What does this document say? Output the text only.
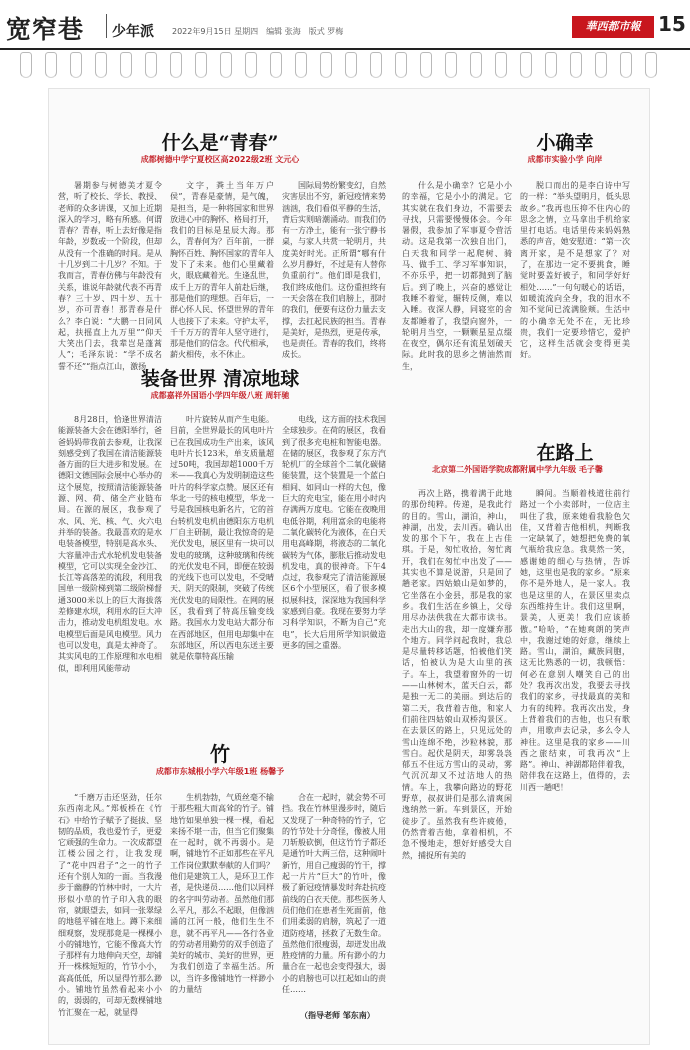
宽窄巷 少年派 2022年9月15日 星期四　编辑 张海　版式 罗梅	華西都市報 15
什么是“青春”
成都树德中学宁夏校区高2022级2班 文元心

暑期参与树德美才夏令营，听了校长、学长、教授、老师的众多讲课，又加上近期深入的学习，略有所感。何谓青春？青春，听上去好像是指年龄，岁数或一个阶段，但却从没有一个准确的时间。是从十几岁到二十几岁？不知。于我而言，青春仿佛与年龄没有关系，谁说年龄就代表不再青春？三十岁、四十岁、五十岁，亦可青春！那青春是什么？李白说：“大鹏一日同风起，扶摇直上九万里”“仰天大笑出门去，我辈岂是蓬蒿人”；毛泽东说：“学不成名誓不还”“指点江山，激扬

文字，粪土当年万户侯”，青春是豪情，是气魄，是担当，是一种将国家和世界放进心中的胸怀、格局打开，我们的目标是星辰大海。那么，青春何为？百年前，一群胸怀百姓、胸怀国家的青年人发下了未来。他们心里藏着火，眼底藏着光。生逢乱世，成千上万的青年人前赴后继，那是他们的理想。百年后，一群心怀人民、怀望世界的青年人也接下了未来。守护太平，千千万万的青年人坚守进行，那是他们的信念。代代相承，薪火相传，永不休止。

国际局势纷繁变幻，自然灾害层出不穷，新冠疫情来势汹汹，我们看似平静的生活，背后实则暗潮涌动。而我们仍有一方净土，能有一张宁静书桌，与家人共赏一轮明月，共度美好时光。正所谓“哪有什么岁月静好，不过是有人替你负重前行”。他们即是我们，我们终成他们。这份重担终有一天会落在我们肩膀上，那时的我们，便要有这份力量去支撑，去扛起民族的担当。青春是美好，是热烈，更是传承，也是责任。青春的我们，终将成长。

小确幸
成都市实验小学 向岸

什么是小确幸？它是小小的幸福，它是小小的满足。它其实就在我们身边，不需要去寻找，只需要慢慢体会。今年暑假，我参加了军事夏令营活动。这是我第一次独自出门，白天我和同学一起爬树、骑马、做手工、学习军事知识，不亦乐乎，把一切都抛到了脑后。到了晚上，兴奋的感觉让我睡不着觉，辗转反侧，难以入睡。夜深人静，同寝室的舍友都睡着了，我望向窗外，一轮明月当空，一颗颗星星点缀在夜空，偶尔还有流星划破天际。此时我的思乡之情油然而生，

脱口而出的是李白诗中写的一样：“举头望明月，低头思故乡。”我再也压抑不住内心的思念之情，立马拿出手机给家里打电话。电话里传来妈妈熟悉的声音，她安慰道：“第一次离开家，是不是想家了？对了，在那边一定不要挑食，睡觉时要盖好被子，和同学好好相处……”一句句暖心的话语，如暖流流向全身，我的泪水不知不觉间已流满脸颊。生活中的小确幸无处不在，无比珍贵，我们一定要珍惜它，爱护它，这样生活就会变得更美好。

装备世界 清凉地球
成都嘉祥外国语小学四年级八班 周轩驰

8月28日，恰逢世界清洁能源装备大会在德阳举行，爸爸妈妈带我前去参观，让我深刻感受到了我国在清洁能源装备方面的巨大进步和发展。在德阳文德国际会展中心举办的这个展览，按照清洁能源装备源、网、荷、储全产业链布局。在源的展区，我参观了水、风、光、核、气、火六电并举的装备。我最喜欢的是水电装备模型，特别是高水头、大容量冲击式水轮机发电装备模型，它可以实现全金沙江、长江等高落差的流段，利用我国单一级阶梯到第二级阶梯督通3000米以上的巨大海拔落差修建水坝，利用水的巨大冲击力，推动发电机组发电。水电模型后面是风电模型。风力也可以发电，真是太神奇了。其实风电的工作原理和水电相似，即利用风能带动

叶片旋转从而产生电能。目前，全世界最长的风电叶片已在我国成功生产出来，该风电叶片长123米，单支质量超过50吨，我国却超1000千万米——我真心为发明制造这些叶片的科学家点赞。展区还有华北一号的核电模型，华龙一号是我国核电新名片，它的首台转机发电机由德阳东方电机厂自主研制，最让我惊奇的是光伏发电，展区里有一块可以发电的玻璃，这种玻璃和传统的光伏发电不同，即便在较弱的光线下也可以发电，不受晴天、阴天的限制，突破了传统光伏发电的局限性。在网的展区，我看到了特高压输变线路。我国水力发电站大都分布在西部地区，但用电却集中在东部地区，所以西电东送主要就是依靠特高压输

电线，这方面的技术我国全球独步。在荷的展区，我看到了很多充电桩和智能电器。在储的展区，我参观了东方汽轮机厂的全球首个二氧化碳储能装置，这个装置是一个蓝白相间、如同山一样的大包，像巨大的充电宝，能在用小时内存满两万度电。它能在夜晚用电低谷期，利用富余的电能将二氧化碳转化为液体，在白天用电高峰期，将液态的二氧化碳转为气体，膨胀后推动发电机发电，真的很神奇。下午4点过，我参观完了清洁能源展区6个小型展区，看了很多模拟展科技，深深地为我国科学家感到自豪。我现在要努力学习科学知识，不断为自己“充电”，长大后用所学知识做造更多的国之重器。

在路上
北京第二外国语学院成都附属中学九年级 毛子馨

再次上路，携着满于此地的那份纯粹。传递，是我此行的目的。雪山，湖泊，神山，神湖，出发，去川西。确认出发的那个下午，我在上古佳琪。于是，匆忙收拾，匆忙离开，我们在匆忙中出发了——其实也不算是说游，只是回了趟老家。四姑娘山是如梦的，它坐落在小金县，那是我的家乡。我们生活在乡镇上，父母用尽办法供我在大都市读书。走出大山的我，却一度嫌弃那个地方。同学问起我时，我总是尽量转移话题，怕被他们笑话，怕被认为是大山里的孩子。车上，我望着窗外的一切——山林树木，蓝天白云，都是独一无二的美丽。到达后的第二天，我背着吉他，和家人们前往四姑娘山双桥沟景区。在去景区的路上，只见远处的雪山连绵不绝，沙粒林貌，那雪白。起伏是阴天，却雾袅袅郁五不住远方雪山的灵动，雾气沉沉却又不过洁地人的热情。车上，我攀向路边的野花野草，叔叔讲们是那么清爽闲逸纳然一新。车到景区，开始徒步了。虽然我有些许疲倦，仍然背着吉他，拿着相机，不急不慢地走，想好好感受大自然，捕捉所有美的

瞬间。当顺着栈道往前行路过一个小卖部时，一位店主叫住了我，原来她看我脸色欠佳，又背着吉他相机，判断我一定缺氧了，她想把免费的氧气瓶给我应急。我莫然一笑，感谢她的细心与热情，告诉她，这里也是我的家乡。“原来你不是外地人，是一家人。我也是这里的人，在景区里卖点东西维持生计。我们这里啊，景美，人更美！我们应该骄傲。”哈哈，“在她爽朗的笑声中，我谢过她的好意，继续上路。雪山，湖泊，藏族同胞，这无比熟悉的一切，我顿悟：何必在意别人嘲笑自己的出处？我再次出发，我要去寻找我们的家乡，寻找最真的美和力有的纯粹。我再次出发，身上背着我们的吉他，也只有歌声，用歌声去记录，多么令人神往。这里是我的家乡——川西之旅结束，可我再次“上路”。神山、神湖都陪伴着我，陪伴我在这路上，值得的，去川西一趟吧！

竹
成都市东城根小学六年级1班 杨馨予

“千磨万击还坚劲，任尔东西南北风。”郑板桥在《竹石》中给竹子赋予了挺拔、坚韧的品质，我也爱竹子，更爱它顽强的生命力。一次成都望江楼公园之行，让我发现了“花中四君子”之一的竹子还有个别人知的一面。当我漫步于幽静的竹林中时，一大片形似小草的竹子印入我的眼帘，就眼望去，如同一张翠绿的地毯平铺在地上。蹲下来细细观察，发现那竟是一棵棵小小的铺地竹，它能不像高大竹子那样有力地伸向天空，却铺开一株株短短的，竹节小小，高高低低，所以显得竹那么渺小。铺地竹虽然看起来小小的，弱弱的，可却无数棵铺地竹汇聚在一起，就显得

生机勃勃，气质丝毫不输于那些粗大而高耸的竹子。铺地竹如果单独一棵一棵，看起来扬不堪一击，但当它们聚集在一起时，就不再弱小。是啊，铺地竹不正如那些在平凡工作岗位默默奉献的人们吗？他们是建筑工人，是环卫工作者，是快递员……他们以同样的名字叫劳动者。虽然他们那么平凡，那么不起眼，但像汹涌的江河一般，他们生生不息，就不再平凡——各行各业的劳动者用勤劳的双手创造了美好的城市、美好的世界，更为我们创造了幸福生活。所以，当许多像铺地竹一样渺小的力量结

合在一起时，就会势不可挡。我在竹林里漫步时，随后又发现了一种奇特的竹子，它的竹节处十分奇怪，像被人用刀斩般砍倒，但这竹竹子都还是通竹叶大两三倍，这种闹叶新竹，用自己瘦弱的竹干，撑起一片片“巨大”的竹叶，像极了新冠疫情暴发时奔赴抗疫前线的白衣天使。那些医务人员们他们在患者生死面前，他们用柔弱的肩膀，筑起了一道道防疫堵，拯救了无数生命。虽然他们很瘦弱，却迸发出战胜疫情的力量。所有渺小的力量合在一起也会变得强大，弱小的肩膀也可以扛起如山的责任……

（指导老师 邹东南）
